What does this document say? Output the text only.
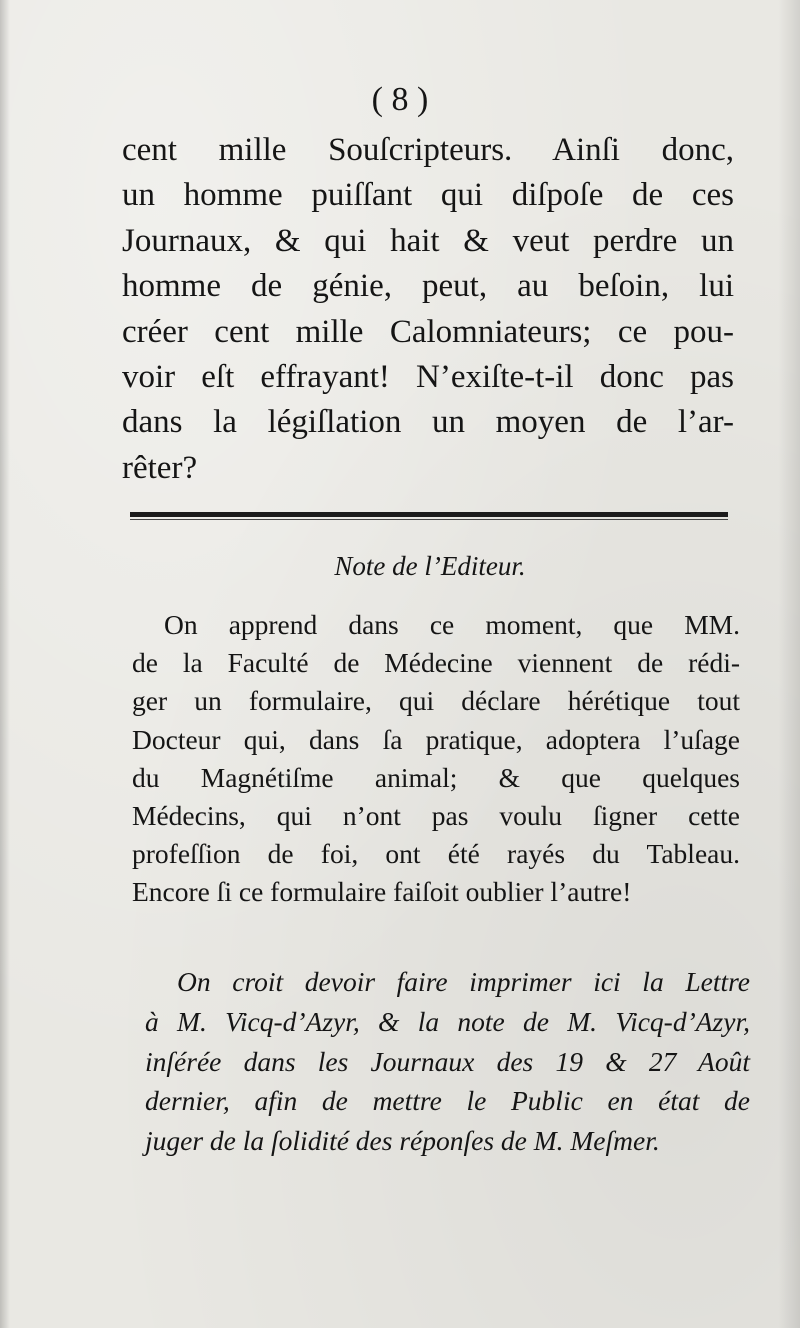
( 8 )

cent mille Souſcripteurs. Ainſi donc,
un homme puiſſant qui diſpoſe de ces
Journaux, & qui hait & veut perdre un
homme de génie, peut, au beſoin, lui
créer cent mille Calomniateurs; ce pou-
voir eſt effrayant! N’exiſte-t-il donc pas
dans la légiſlation un moyen de l’ar-
rêter?

Note de l’Editeur.

On apprend dans ce moment, que MM.
de la Faculté de Médecine viennent de rédi-
ger un formulaire, qui déclare hérétique tout
Docteur qui, dans ſa pratique, adoptera l’uſage
du Magnétiſme animal; & que quelques
Médecins, qui n’ont pas voulu ſigner cette
profeſſion de foi, ont été rayés du Tableau.
Encore ſi ce formulaire faiſoit oublier l’autre!

On croit devoir faire imprimer ici la Lettre
à M. Vicq-d’Azyr, & la note de M. Vicq-d’Azyr,
inſérée dans les Journaux des 19 & 27 Août
dernier, afin de mettre le Public en état de
juger de la ſolidité des réponſes de M. Meſmer.
